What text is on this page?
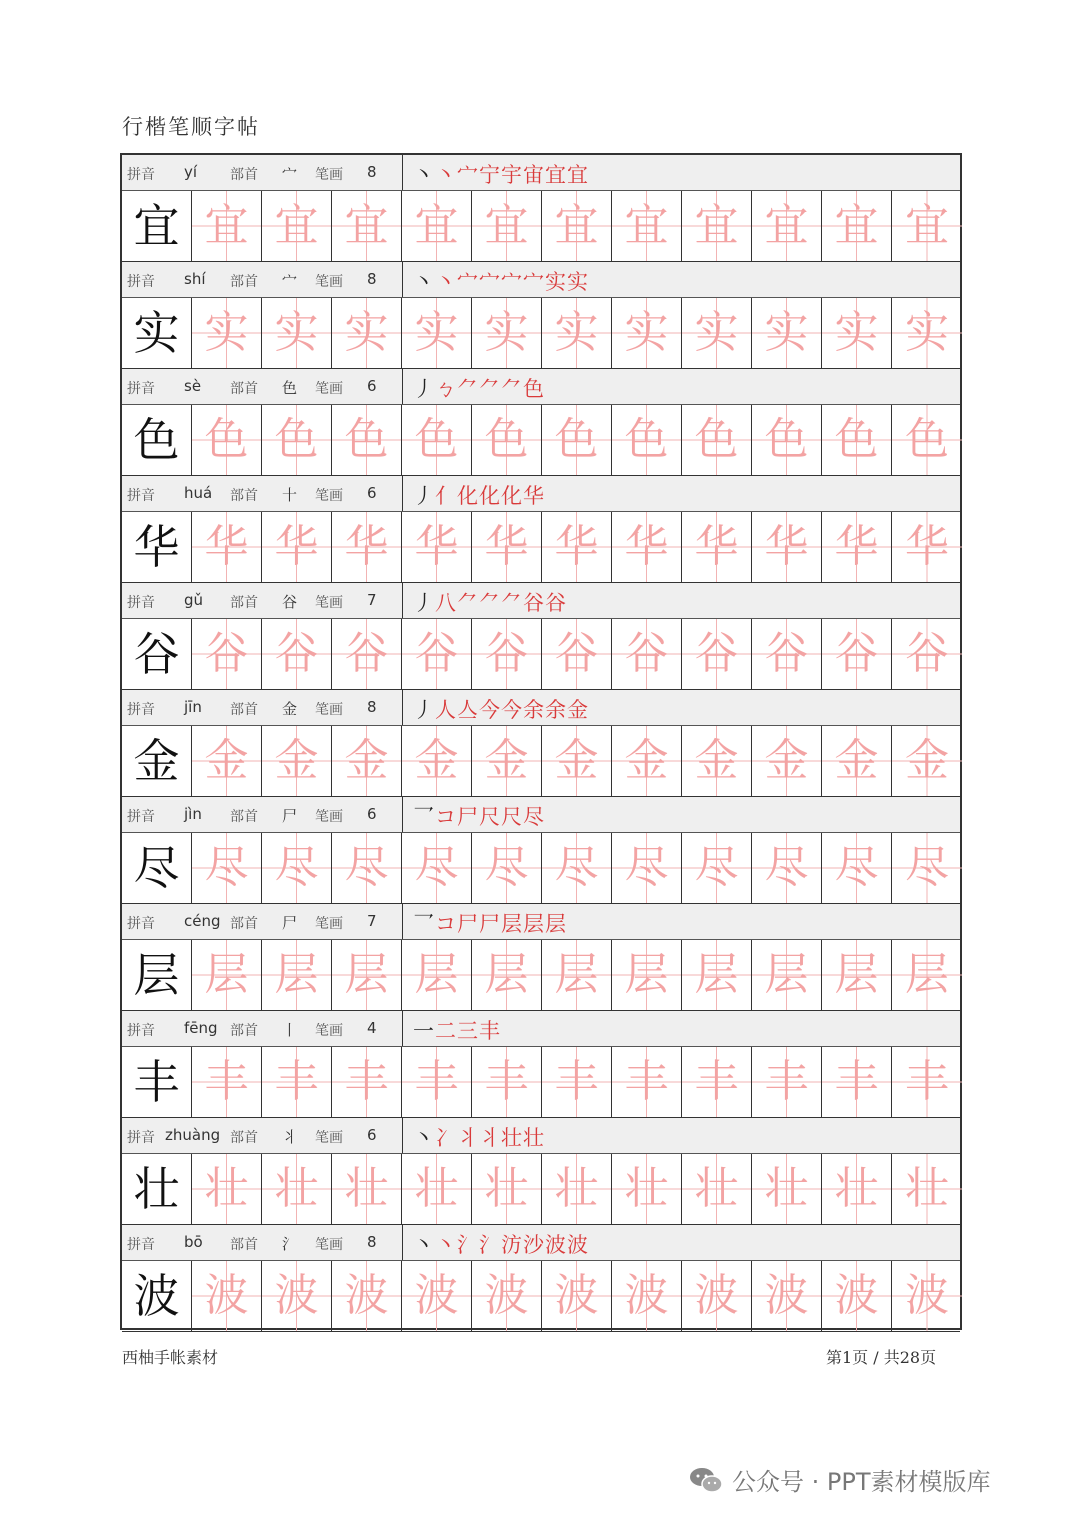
行楷笔顺字帖
拼音 yí 部首 宀 笔画 8 丶丶宀宁宇宙宜宜
宜 宜 宜 宜 宜 宜 宜 宜 宜 宜 宜 宜
拼音 shí 部首 宀 笔画 8 丶丶宀宀宀宀实实
实 实 实 实 实 实 实 实 实 实 实 实
拼音 sè 部首 色 笔画 6 丿ㄅ⺈⺈⺈色
色 色 色 色 色 色 色 色 色 色 色 色
拼音 huá 部首 十 笔画 6 丿亻化化化华
华 华 华 华 华 华 华 华 华 华 华 华
拼音 gǔ 部首 谷 笔画 7 丿八⺈⺈⺈谷谷
谷 谷 谷 谷 谷 谷 谷 谷 谷 谷 谷 谷
拼音 jīn 部首 金 笔画 8 丿人亼今今余余金
金 金 金 金 金 金 金 金 金 金 金 金
拼音 jìn 部首 尸 笔画 6 乛コ尸尺尺尽
尽 尽 尽 尽 尽 尽 尽 尽 尽 尽 尽 尽
拼音 céng 部首 尸 笔画 7 乛コ尸尸层层层
层 层 层 层 层 层 层 层 层 层 层 层
拼音 fēng 部首 丨 笔画 4 一二三丰
丰 丰 丰 丰 丰 丰 丰 丰 丰 丰 丰 丰
拼音 zhuàng 部首 丬 笔画 6 丶冫丬丬壮壮
壮 壮 壮 壮 壮 壮 壮 壮 壮 壮 壮 壮
拼音 bō 部首 氵 笔画 8 丶丶氵氵汸沙波波
波 波 波 波 波 波 波 波 波 波 波 波
西柚手帐素材	第1页 / 共28页
公众号 · PPT素材模版库
